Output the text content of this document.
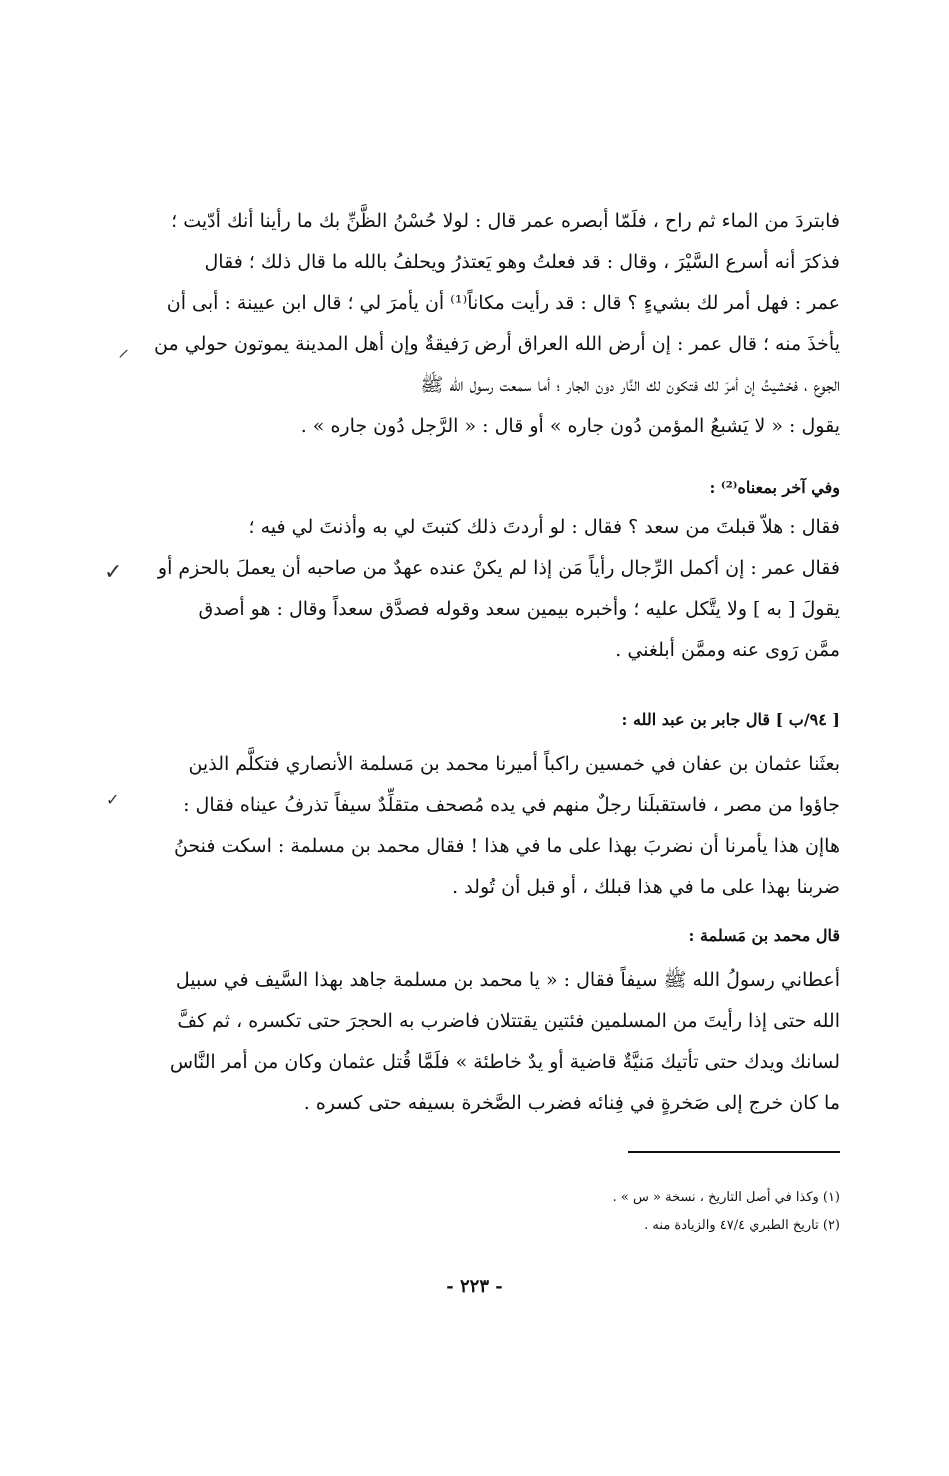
فابتردَ من الماء ثم راح ، فلَمّا أبصره عمر قال : لولا حُسْنُ الظَّنِّ بك ما رأينا أنك أدّيت ؛

فذكرَ أنه أسرع السَّيْرَ ، وقال : قد فعلتُ وهو يَعتذرُ ويحلفُ بالله ما قال ذلك ؛ فقال

عمر : فهل أمر لك بشيءٍ ؟ قال : قد رأيت مكاناً⁽¹⁾ أن يأمرَ لي ؛ قال ابن عيينة : أبى أن

يأخذَ منه ؛ قال عمر : إن أرض الله العراق أرض رَفيقةٌ وإن أهل المدينة يموتون حولي من

الجوع ، فخشيتُ إن أمرَ لك فتكون لك النَّار دون الجار ؛ أما سمعت رسول الله ﷺ

يقول : « لا يَشبعُ المؤمن دُون جاره » أو قال : « الرَّجل دُون جاره » .

وفي آخر بمعناه⁽²⁾ :

فقال : هلاّ قبلتَ من سعد ؟ فقال : لو أردتَ ذلك كتبتَ لي به وأذنتَ لي فيه ؛

فقال عمر : إن أكمل الرِّجال رأياً مَن إذا لم يكنْ عنده عهدٌ من صاحبه أن يعملَ بالحزم أو

يقولَ [ به ] ولا يتَّكل عليه ؛ وأخبره بيمين سعد وقوله فصدَّق سعداً وقال : هو أصدق

ممَّن رَوى عنه وممَّن أبلغني .

[ ٩٤/ب ] قال جابر بن عبد الله :

بعثَنا عثمان بن عفان في خمسين راكباً أميرنا محمد بن مَسلمة الأنصاري فتكلَّم الذين

جاؤوا من مصر ، فاستقبلَنا رجلٌ منهم في يده مُصحف متقلِّدٌ سيفاً تذرفُ عيناه فقال :

هاإن هذا يأمرنا أن نضربَ بهذا على ما في هذا ! فقال محمد بن مسلمة : اسكت فنحنُ

ضربنا بهذا على ما في هذا قبلك ، أو قبل أن تُولد .

قال محمد بن مَسلمة :

أعطاني رسولُ الله ﷺ سيفاً فقال : « يا محمد بن مسلمة جاهد بهذا السَّيف في سبيل

الله حتى إذا رأيتَ من المسلمين فئتين يقتتلان فاضرب به الحجرَ حتى تكسره ، ثم كفَّ

لسانك ويدك حتى تأتيك مَنيَّةٌ قاضية أو يدٌ خاطئة » فلَمَّا قُتل عثمان وكان من أمر النَّاس

ما كان خرج إلى صَخرةٍ في فِنائه فضرب الصَّخرة بسيفه حتى كسره .

⸝
✓
✓
(١) وكذا في أصل التاريخ ، نسخة « س » .
(٢) تاريخ الطبري ٤٧/٤ والزيادة منه .
- ٢٢٣ -
